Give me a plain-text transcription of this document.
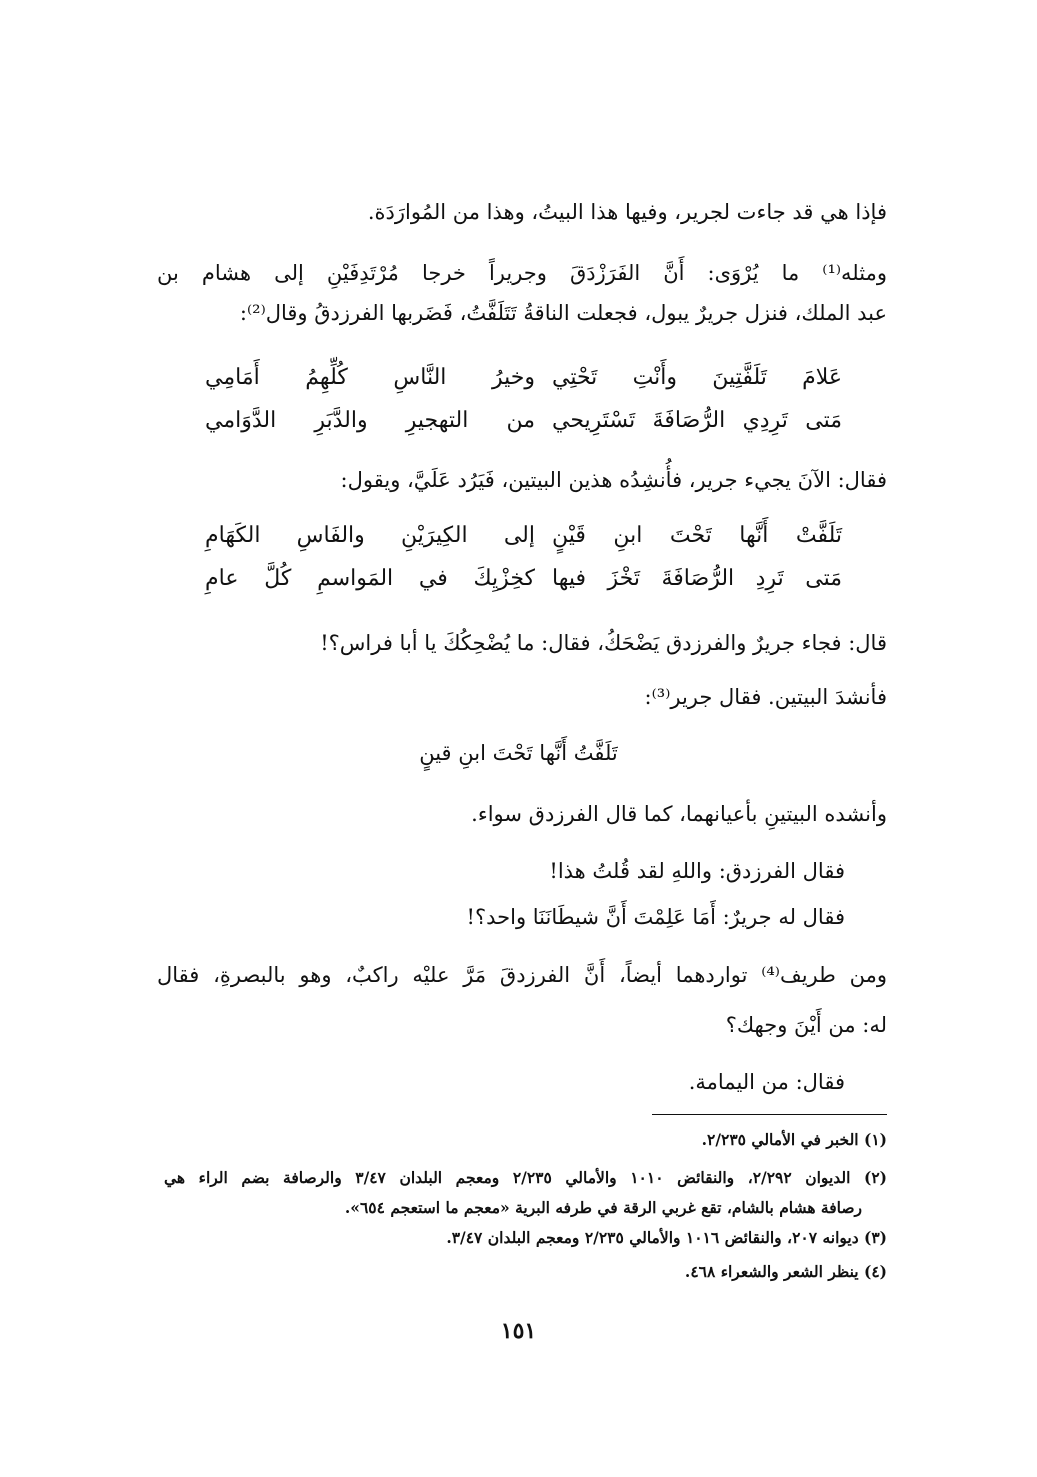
فإذا هي قد جاءت لجرير، وفيها هذا البيتُ، وهذا من المُوارَدَة.
ومثله⁽¹⁾ ما يُرْوَى: أَنَّ الفَرَزْدَقَ وجريراً خرجا مُرْتَدِفَيْنِ إلى هشام بن
عبد الملك، فنزل جريرٌ يبول، فجعلت الناقةُ تَتَلَفَّتُ، فَضَربها الفرزدقُ وقال⁽²⁾:
عَلامَ تَلَفَّتِينَ وأَنْتِ تَحْتِي
وخيرُ النَّاسِ كُلِّهِمُ أَمَامِي
مَتى تَرِدِي الرُّصَافَةَ تَسْتَرِيحي
من التهجيرِ والدَّبَرِ الدَّوَامي
فقال: الآنَ يجيء جرير، فأُنشِدُه هذين البيتين، فَيَرُد عَلَيَّ، ويقول:
تَلَفَّتْ أَنَّها تَحْتَ ابنِ قَيْنٍ
إلى الكِيرَيْنِ والفَاسِ الكَهَامِ
مَتى تَرِدِ الرُّصَافَةَ تَخْزَ فيها
كخِزْيِكَ في المَواسمِ كُلَّ عامِ
قال: فجاء جريرٌ والفرزدق يَضْحَكُ، فقال: ما يُضْحِكُكَ يا أبا فراس؟!
فأنشدَ البيتين. فقال جرير⁽³⁾:
تَلَفَّتُ أَنَّها تَحْتَ ابنِ قينٍ
وأنشده البيتينِ بأعيانهما، كما قال الفرزدق سواء.
فقال الفرزدق: واللهِ لقد قُلتُ هذا!
فقال له جريرٌ: أَمَا عَلِمْتَ أَنَّ شيطَانَنَا واحد؟!
ومن طريف⁽⁴⁾ تواردهما أيضاً، أَنَّ الفرزدقَ مَرَّ عليْه راكبٌ، وهو بالبصرةِ، فقال
له: من أَيْنَ وجهك؟
فقال: من اليمامة.
(١) الخبر في الأمالي ٢/٢٣٥.
(٢) الديوان ٢/٢٩٢، والنقائض ١٠١٠ والأمالي ٢/٢٣٥ ومعجم البلدان ٣/٤٧ والرصافة بضم الراء هي
رصافة هشام بالشام، تقع غربي الرقة في طرفه البرية «معجم ما استعجم ٦٥٤».
(٣) ديوانه ٢٠٧، والنقائض ١٠١٦ والأمالي ٢/٢٣٥ ومعجم البلدان ٣/٤٧.
(٤) ينظر الشعر والشعراء ٤٦٨.
١٥١
